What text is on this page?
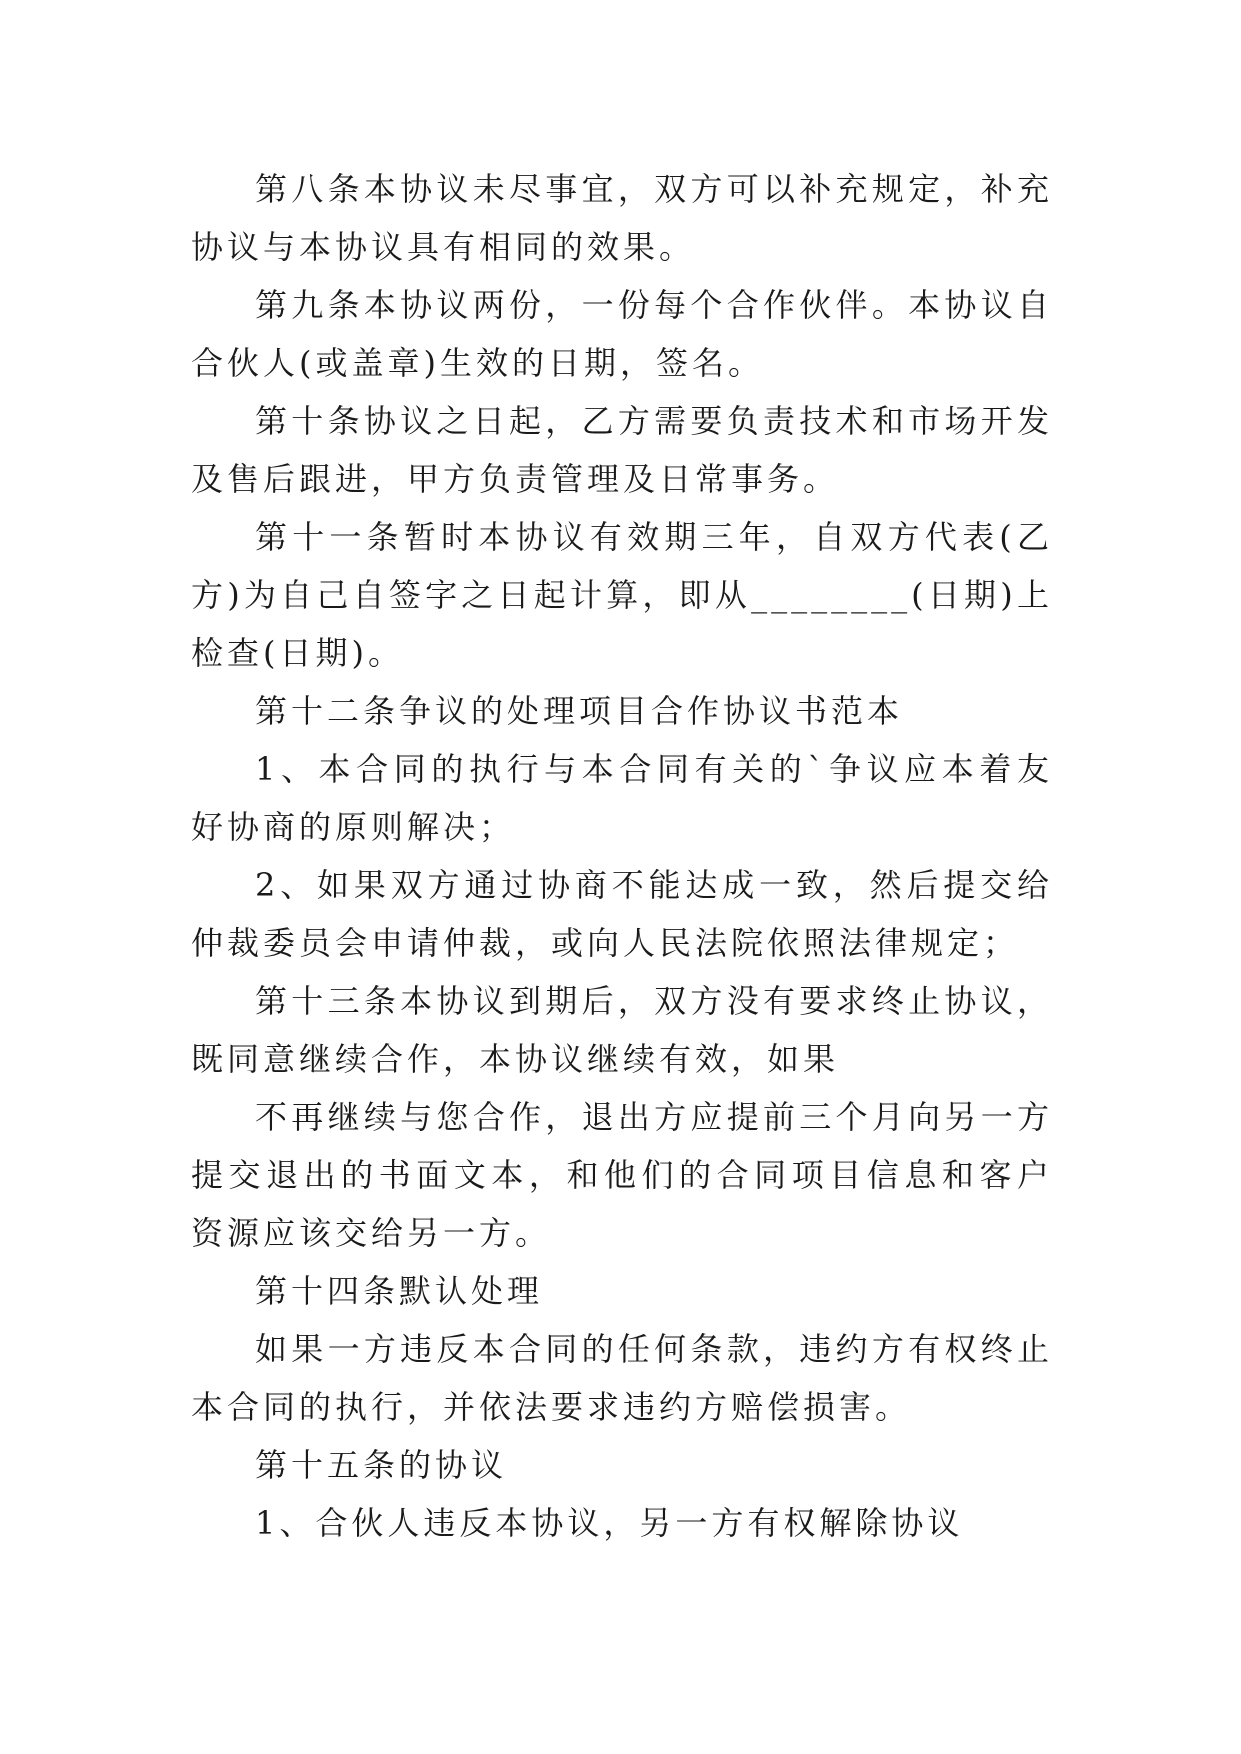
第八条本协议未尽事宜，双方可以补充规定，补充协议与本协议具有相同的效果。

第九条本协议两份，一份每个合作伙伴。本协议自合伙人(或盖章)生效的日期，签名。

第十条协议之日起，乙方需要负责技术和市场开发及售后跟进，甲方负责管理及日常事务。

第十一条暂时本协议有效期三年，自双方代表(乙方)为自己自签字之日起计算，即从________(日期)上检查(日期)。

第十二条争议的处理项目合作协议书范本

1、本合同的执行与本合同有关的`争议应本着友好协商的原则解决；

2、如果双方通过协商不能达成一致，然后提交给仲裁委员会申请仲裁，或向人民法院依照法律规定；

第十三条本协议到期后，双方没有要求终止协议，既同意继续合作，本协议继续有效，如果

不再继续与您合作，退出方应提前三个月向另一方提交退出的书面文本，和他们的合同项目信息和客户资源应该交给另一方。

第十四条默认处理

如果一方违反本合同的任何条款，违约方有权终止本合同的执行，并依法要求违约方赔偿损害。

第十五条的协议

1、合伙人违反本协议，另一方有权解除协议
